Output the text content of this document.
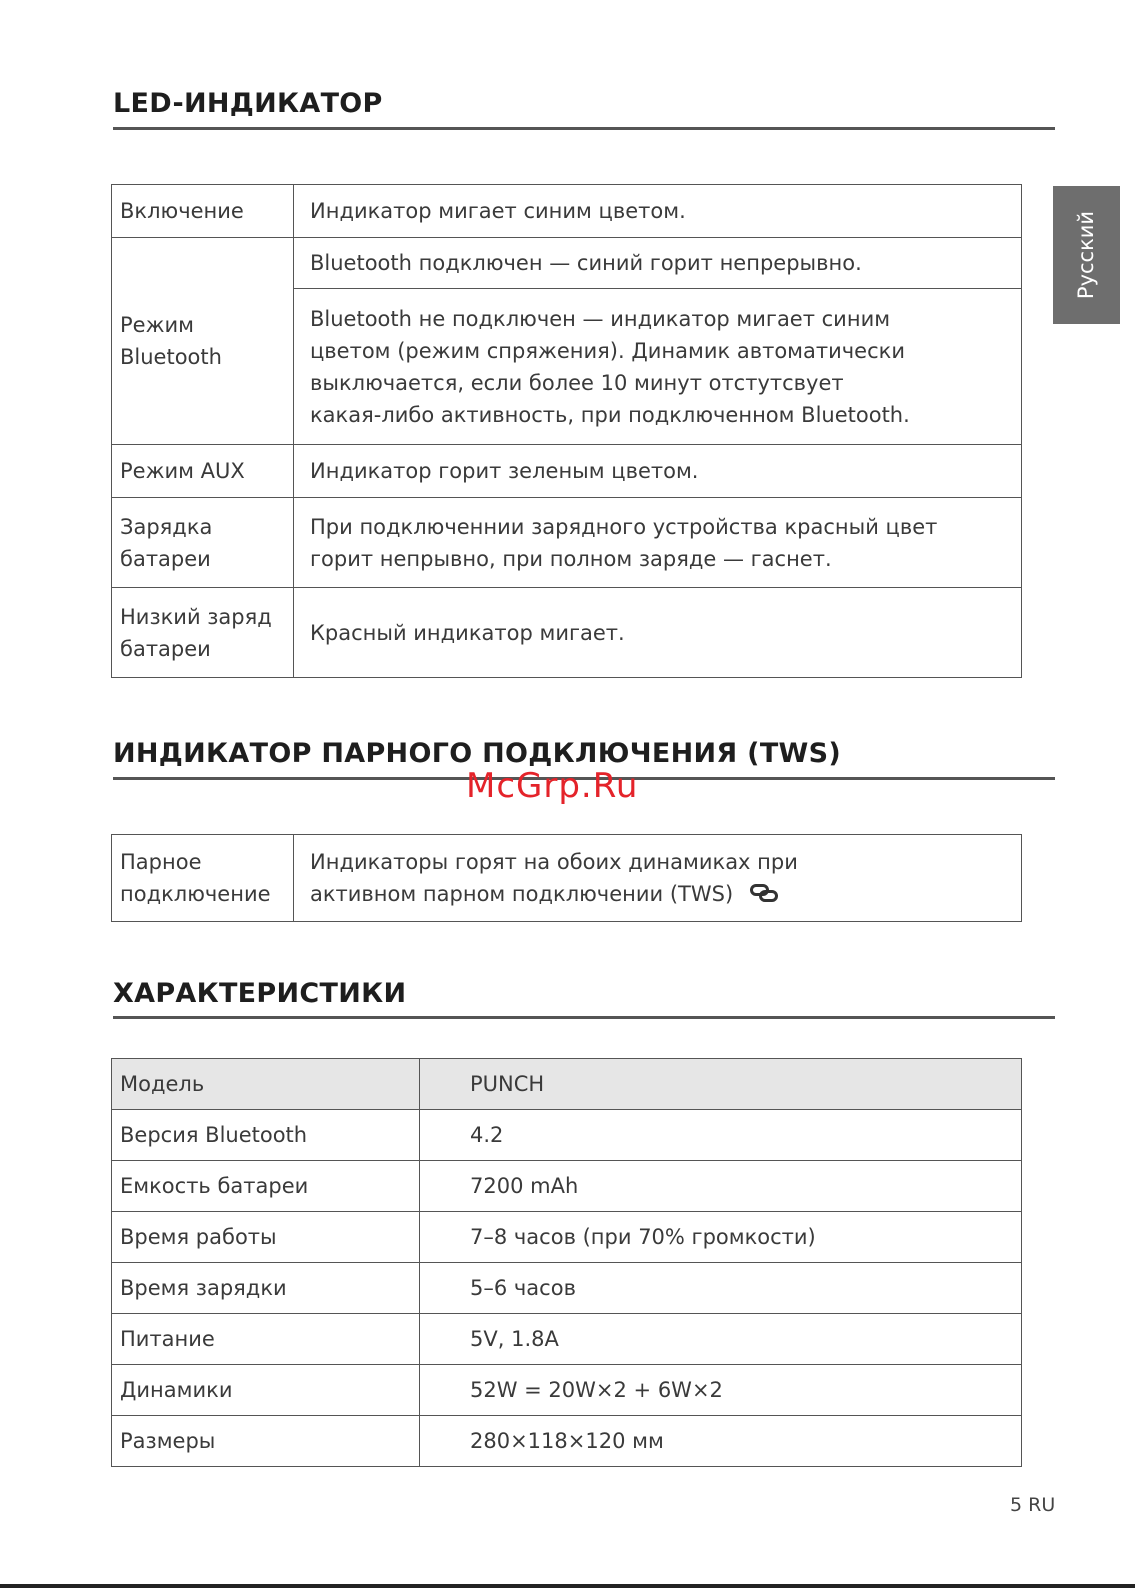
Русский
LED-ИНДИКАТОР
Включение	Индикатор мигает синим цветом.
Режим
Bluetooth	Bluetooth подключен — синий горит непрерывно.
	Bluetooth не подключен — индикатор мигает синим
цветом (режим спряжения). Динамик автоматически
выключается, если более 10 минут отстутсвует
какая-либо активность, при подключенном Bluetooth.
Режим AUX	Индикатор горит зеленым цветом.
Зарядка
батареи	При подключеннии зарядного устройства красный цвет
горит непрывно, при полном заряде — гаснет.
Низкий заряд
батареи	Красный индикатор мигает.
ИНДИКАТОР ПАРНОГО ПОДКЛЮЧЕНИЯ (TWS)
McGrp.Ru
Парное
подключение	Индикаторы горят на обоих динамиках при
активном парном подключении (TWS)
ХАРАКТЕРИСТИКИ
Модель	PUNCH
Версия Bluetooth	4.2
Емкость батареи	7200 mAh
Время работы	7–8 часов (при 70% громкости)
Время зарядки	5–6 часов
Питание	5V, 1.8A
Динамики	52W = 20W×2 + 6W×2
Размеры	280×118×120 мм
5 RU
